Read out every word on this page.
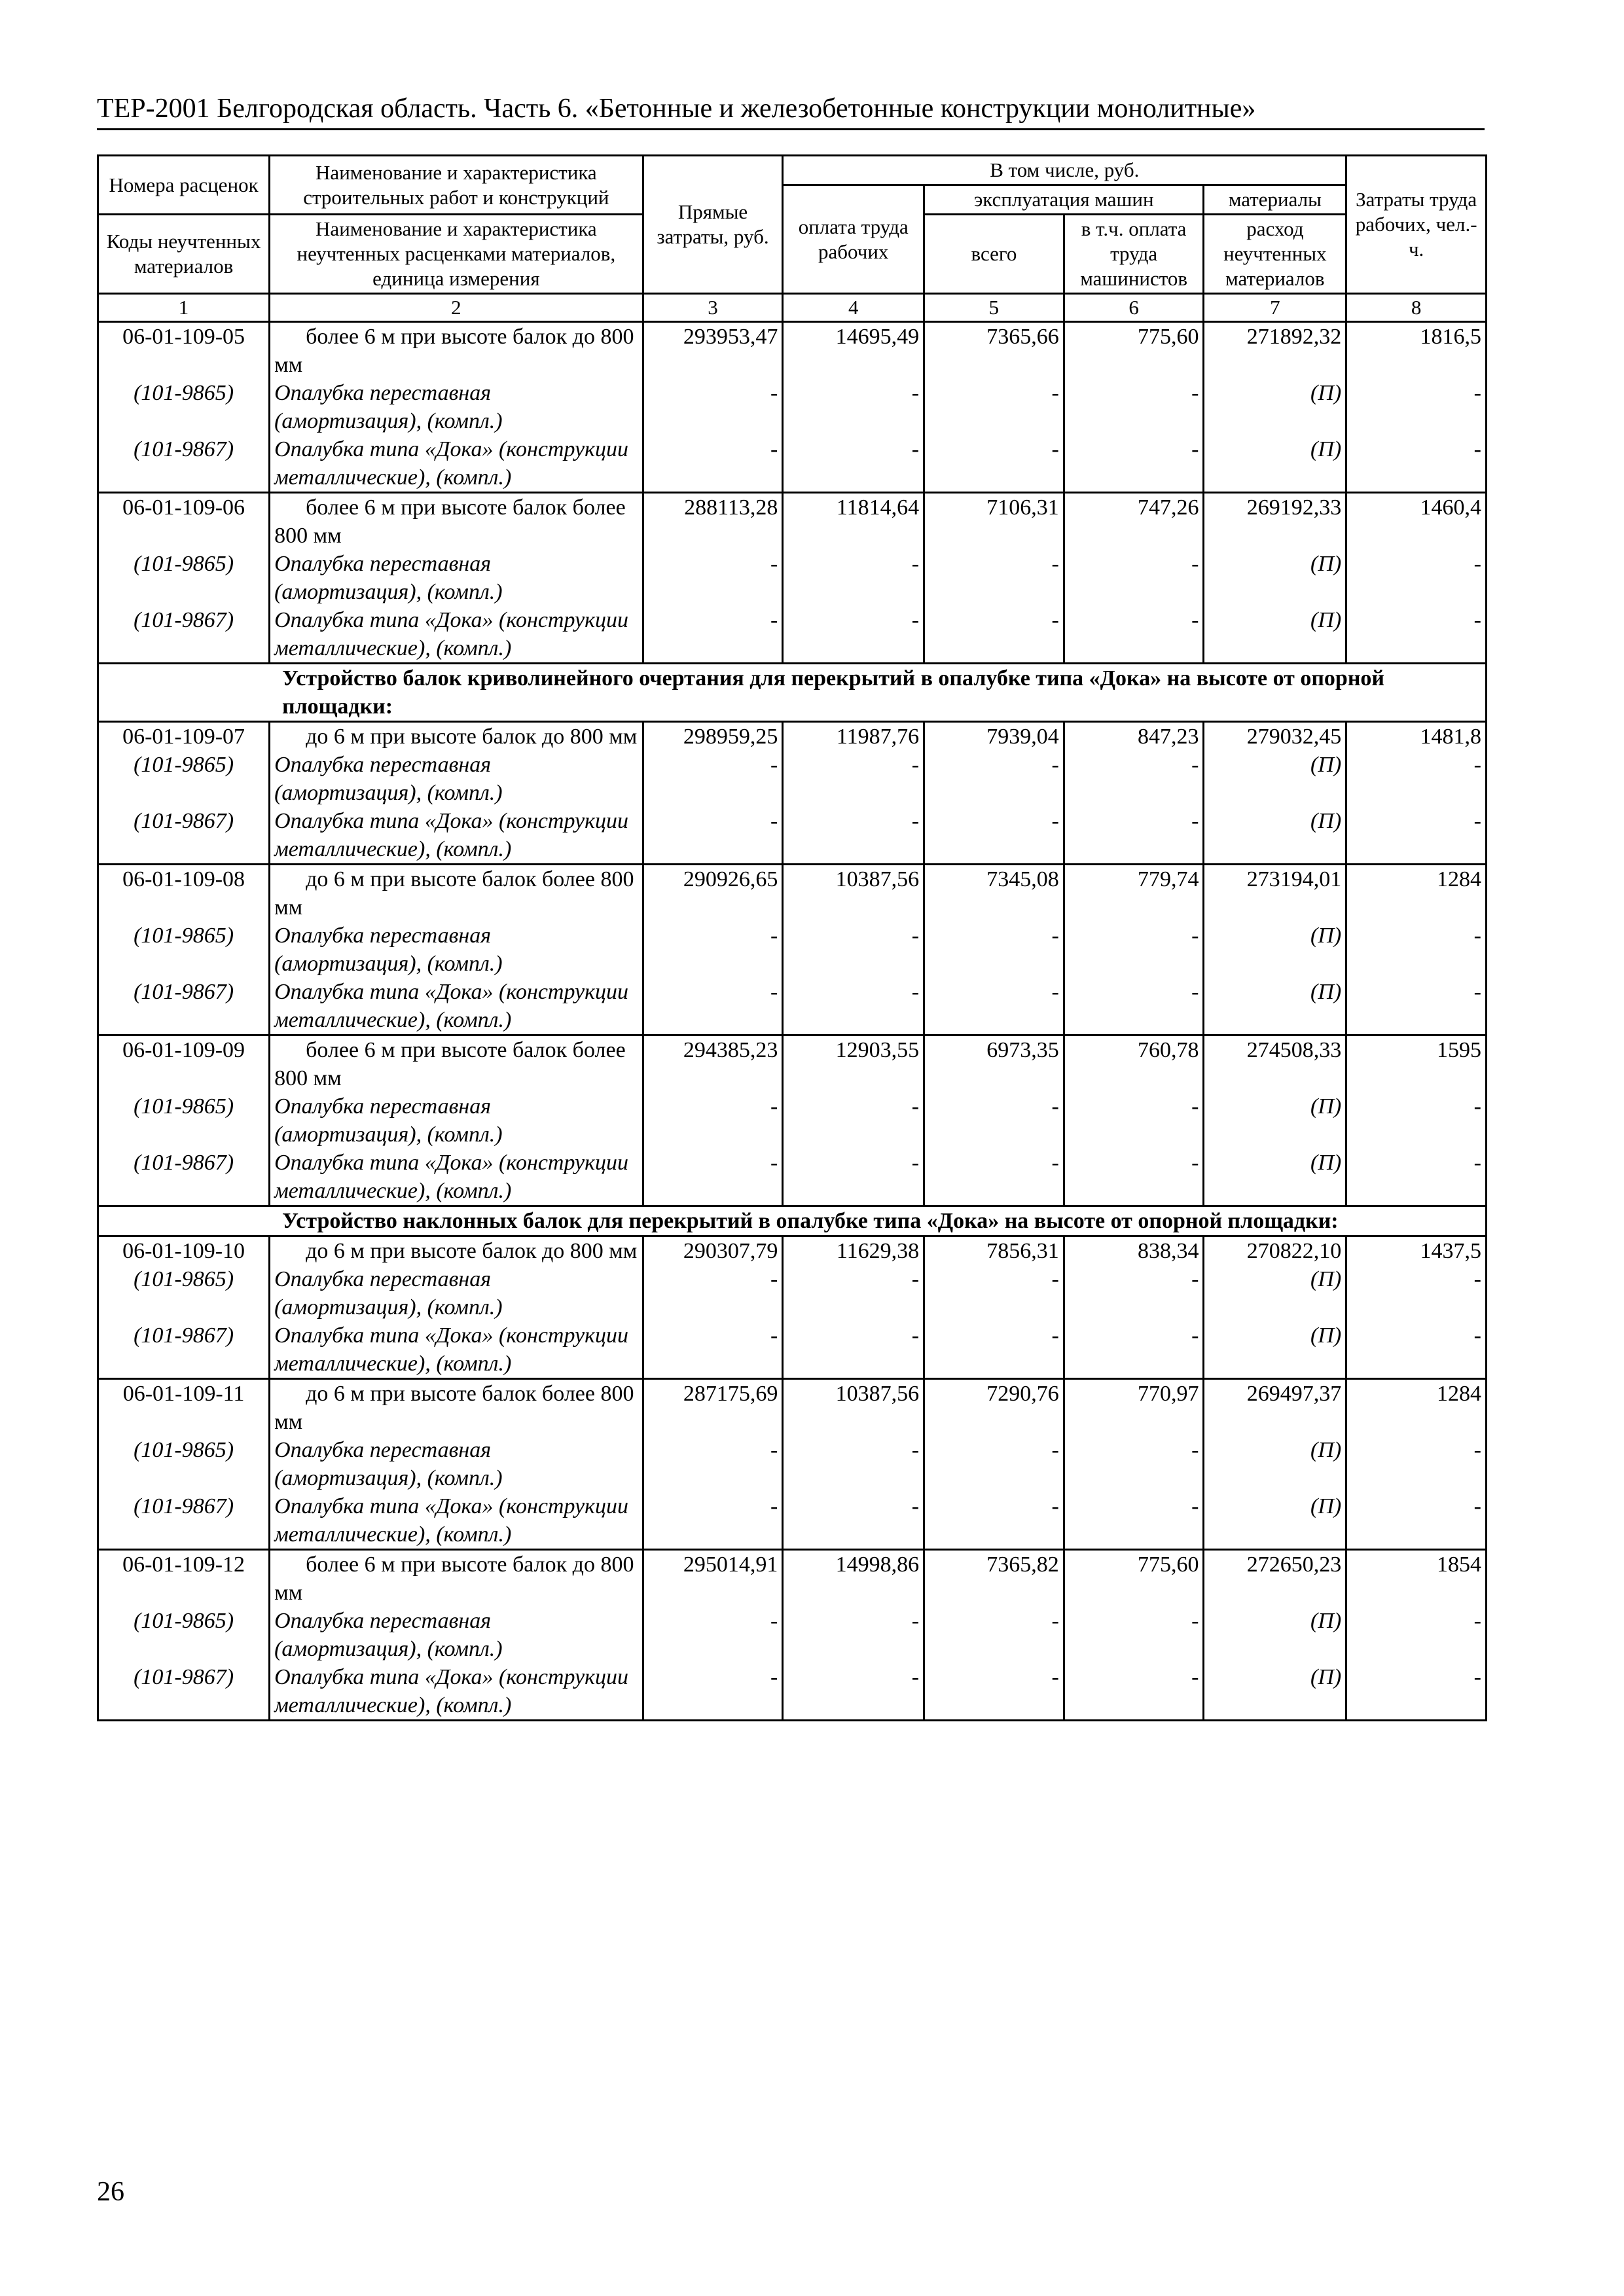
ТЕР-2001 Белгородская область. Часть 6. «Бетонные и железобетонные конструкции монолитные»
Номера расценок	Наименование и характеристика строительных работ и конструкций	Прямые затраты, руб.	В том числе, руб.				Затраты труда рабочих, чел.-ч.
			оплата труда рабочих	эксплуатация машин		материалы	
Коды неучтенных материалов	Наименование и характеристика неучтенных расценками материалов, единица измерения			всего	в т.ч. оплата труда машинистов	расход неучтенных материалов	

1	2	3	4	5	6	7	8
06-01-109-05	более 6 м при высоте балок до 800 мм	293953,47	14695,49	7365,66	775,60	271892,32	1816,5
(101-9865)	Опалубка переставная (амортизация), (компл.)	-	-	-	-	(П)	-
(101-9867)	Опалубка типа «Дока» (конструкции металлические), (компл.)	-	-	-	-	(П)	-
06-01-109-06	более 6 м при высоте балок более 800 мм	288113,28	11814,64	7106,31	747,26	269192,33	1460,4
(101-9865)	Опалубка переставная (амортизация), (компл.)	-	-	-	-	(П)	-
(101-9867)	Опалубка типа «Дока» (конструкции металлические), (компл.)	-	-	-	-	(П)	-
Устройство балок криволинейного очертания для перекрытий в опалубке типа «Дока» на высоте от опорной площадки:							
06-01-109-07	до 6 м при высоте балок до 800 мм	298959,25	11987,76	7939,04	847,23	279032,45	1481,8
(101-9865)	Опалубка переставная (амортизация), (компл.)	-	-	-	-	(П)	-
(101-9867)	Опалубка типа «Дока» (конструкции металлические), (компл.)	-	-	-	-	(П)	-
06-01-109-08	до 6 м при высоте балок более 800 мм	290926,65	10387,56	7345,08	779,74	273194,01	1284
(101-9865)	Опалубка переставная (амортизация), (компл.)	-	-	-	-	(П)	-
(101-9867)	Опалубка типа «Дока» (конструкции металлические), (компл.)	-	-	-	-	(П)	-
06-01-109-09	более 6 м при высоте балок более 800 мм	294385,23	12903,55	6973,35	760,78	274508,33	1595
(101-9865)	Опалубка переставная (амортизация), (компл.)	-	-	-	-	(П)	-
(101-9867)	Опалубка типа «Дока» (конструкции металлические), (компл.)	-	-	-	-	(П)	-
Устройство наклонных балок для перекрытий в опалубке типа «Дока» на высоте от опорной площадки:							
06-01-109-10	до 6 м при высоте балок до 800 мм	290307,79	11629,38	7856,31	838,34	270822,10	1437,5
(101-9865)	Опалубка переставная (амортизация), (компл.)	-	-	-	-	(П)	-
(101-9867)	Опалубка типа «Дока» (конструкции металлические), (компл.)	-	-	-	-	(П)	-
06-01-109-11	до 6 м при высоте балок более 800 мм	287175,69	10387,56	7290,76	770,97	269497,37	1284
(101-9865)	Опалубка переставная (амортизация), (компл.)	-	-	-	-	(П)	-
(101-9867)	Опалубка типа «Дока» (конструкции металлические), (компл.)	-	-	-	-	(П)	-
06-01-109-12	более 6 м при высоте балок до 800 мм	295014,91	14998,86	7365,82	775,60	272650,23	1854
(101-9865)	Опалубка переставная (амортизация), (компл.)	-	-	-	-	(П)	-
(101-9867)	Опалубка типа «Дока» (конструкции металлические), (компл.)	-	-	-	-	(П)	-
26
